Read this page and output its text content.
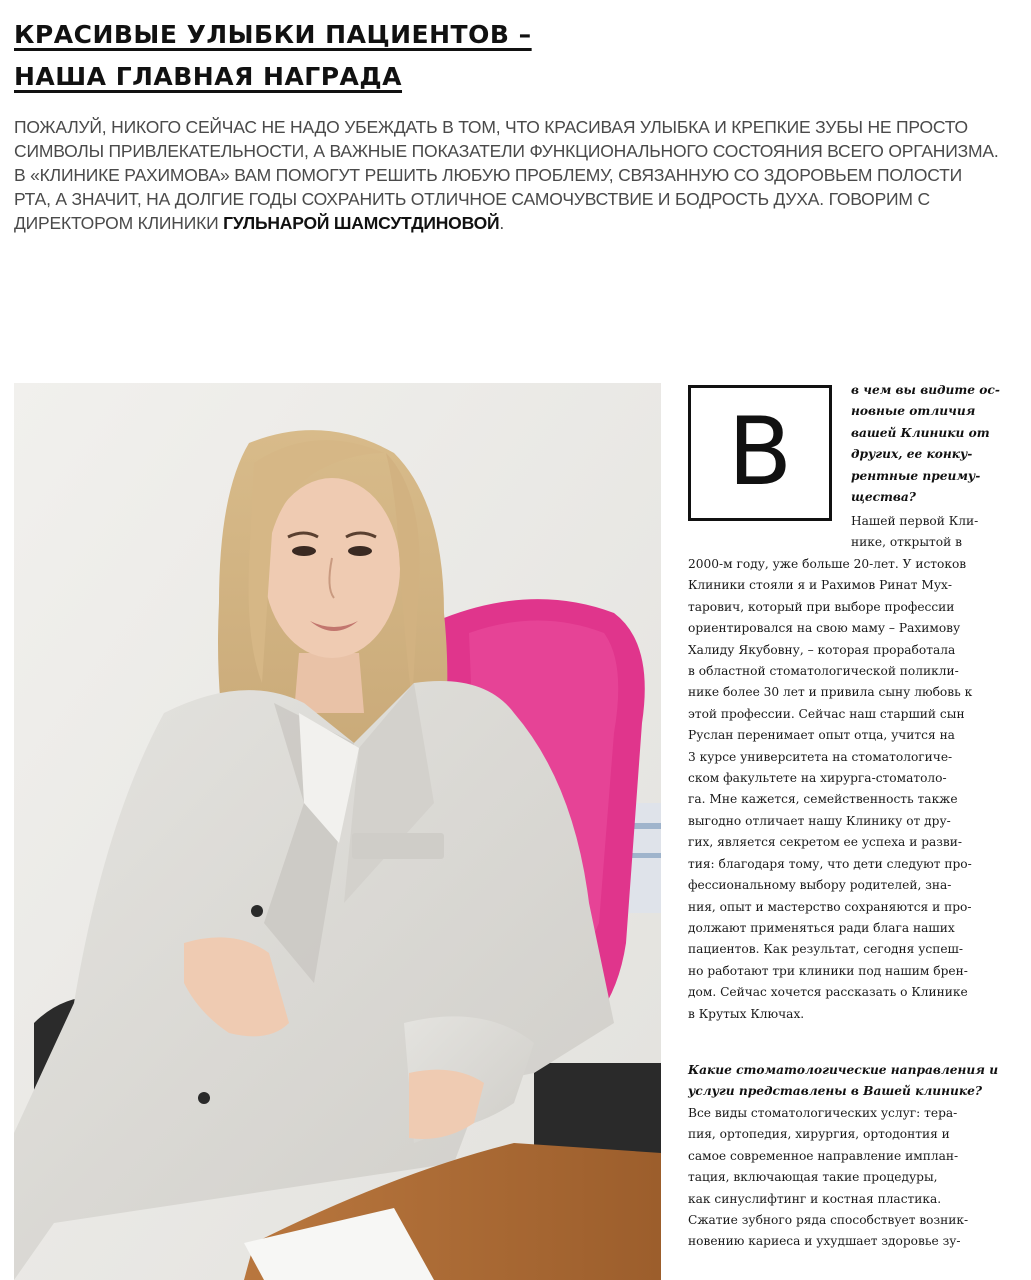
КРАСИВЫЕ УЛЫБКИ ПАЦИЕНТОВ –
НАША ГЛАВНАЯ НАГРАДА
ПОЖАЛУЙ, НИКОГО СЕЙЧАС НЕ НАДО УБЕЖДАТЬ В ТОМ, ЧТО КРАСИВАЯ УЛЫБКА И КРЕПКИЕ ЗУБЫ НЕ ПРОСТО СИМВОЛЫ ПРИВЛЕКАТЕЛЬНОСТИ, А ВАЖНЫЕ ПОКАЗАТЕЛИ ФУНКЦИОНАЛЬНОГО СОСТОЯНИЯ ВСЕГО ОРГАНИЗМА. В «КЛИНИКЕ РАХИМОВА» ВАМ ПОМОГУТ РЕШИТЬ ЛЮБУЮ ПРОБЛЕМУ, СВЯЗАННУЮ СО ЗДОРОВЬЕМ ПОЛОСТИ РТА, А ЗНАЧИТ, НА ДОЛГИЕ ГОДЫ СОХРАНИТЬ ОТЛИЧНОЕ САМОЧУВСТВИЕ И БОДРОСТЬ ДУХА. ГОВОРИМ С ДИРЕКТОРОМ КЛИНИКИ ГУЛЬНАРОЙ ШАМСУТДИНОВОЙ.
В
в чем вы видите ос-
новные отличия
вашей Клиники от
других, ее конку-
рентные преиму-
щества?
Нашей первой Кли-
нике, открытой в
2000-м году, уже больше 20-лет. У истоков
Клиники стояли я и Рахимов Ринат Мух-
тарович, который при выборе профессии
ориентировался на свою маму – Рахимову
Халиду Якубовну, – которая проработала
в областной стоматологической поликли-
нике более 30 лет и привила сыну любовь к
этой профессии. Сейчас наш старший сын
Руслан перенимает опыт отца, учится на
3 курсе университета на стоматологиче-
ском факультете на хирурга-стоматоло-
га. Мне кажется, семейственность также
выгодно отличает нашу Клинику от дру-
гих, является секретом ее успеха и разви-
тия: благодаря тому, что дети следуют про-
фессиональному выбору родителей, зна-
ния, опыт и мастерство сохраняются и про-
должают применяться ради блага наших
пациентов. Как результат, сегодня успеш-
но работают три клиники под нашим брен-
дом. Сейчас хочется рассказать о Клинике
в Крутых Ключах.
Какие стоматологические направления и
услуги представлены в Вашей клинике?
Все виды стоматологических услуг: тера-
пия, ортопедия, хирургия, ортодонтия и
самое современное направление имплан-
тация, включающая такие процедуры,
как синуслифтинг и костная пластика.
Сжатие зубного ряда способствует возник-
новению кариеса и ухудшает здоровье зу-
